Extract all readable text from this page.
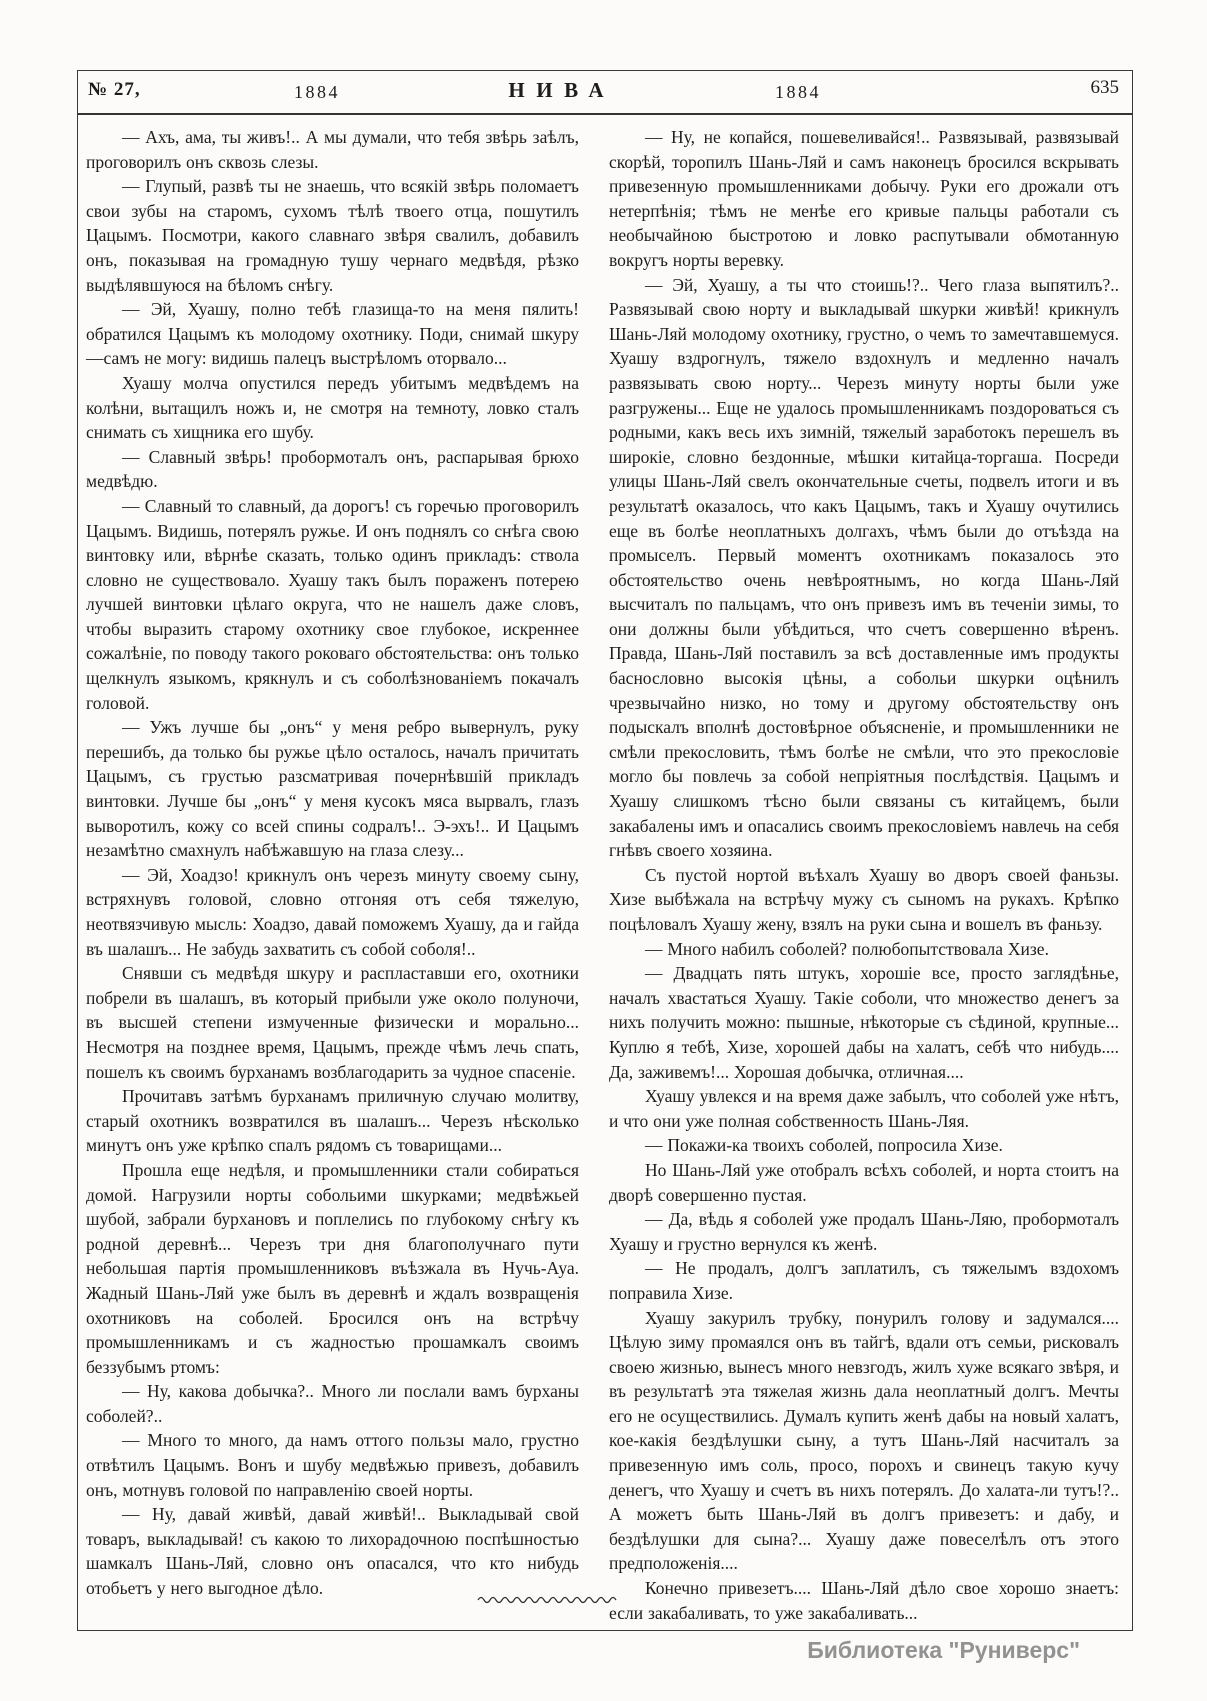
№ 27,	1884	НИВА	1884	635

— Ахъ, ама, ты живъ!.. А мы думали, что тебя звѣрь заѣлъ, проговорилъ онъ сквозь слезы.

— Глупый, развѣ ты не знаешь, что всякій звѣрь поломаетъ свои зубы на старомъ, сухомъ тѣлѣ твоего отца, пошутилъ Цацымъ. Посмотри, какого славнаго звѣря свалилъ, добавилъ онъ, показывая на громадную тушу чернаго медвѣдя, рѣзко выдѣлявшуюся на бѣломъ снѣгу.

— Эй, Хуашу, полно тебѣ глазища-то на меня пялить! обратился Цацымъ къ молодому охотнику. Поди, снимай шкуру—самъ не могу: видишь палецъ выстрѣломъ оторвало...

Хуашу молча опустился передъ убитымъ медвѣдемъ на колѣни, вытащилъ ножъ и, не смотря на темноту, ловко сталъ снимать съ хищника его шубу.

— Славный звѣрь! пробормоталъ онъ, распарывая брюхо медвѣдю.

— Славный то славный, да дорогъ! съ горечью проговорилъ Цацымъ. Видишь, потерялъ ружье. И онъ поднялъ со снѣга свою винтовку или, вѣрнѣе сказать, только одинъ прикладъ: ствола словно не существовало. Хуашу такъ былъ пораженъ потерею лучшей винтовки цѣлаго округа, что не нашелъ даже словъ, чтобы выразить старому охотнику свое глубокое, искреннее сожалѣніе, по поводу такого роковаго обстоятельства: онъ только щелкнулъ языкомъ, крякнулъ и съ соболѣзнованіемъ покачалъ головой.

— Ужъ лучше бы „онъ“ у меня ребро вывернулъ, руку перешибъ, да только бы ружье цѣло осталось, началъ причитать Цацымъ, съ грустью разсматривая почернѣвшій прикладъ винтовки. Лучше бы „онъ“ у меня кусокъ мяса вырвалъ, глазъ выворотилъ, кожу со всей спины содралъ!.. Э-эхъ!.. И Цацымъ незамѣтно смахнулъ набѣжавшую на глаза слезу...

— Эй, Хоадзо! крикнулъ онъ черезъ минуту своему сыну, встряхнувъ головой, словно отгоняя отъ себя тяжелую, неотвязчивую мысль: Хоадзо, давай поможемъ Хуашу, да и гайда въ шалашъ... Не забудь захватить съ собой соболя!..

Снявши съ медвѣдя шкуру и распластавши его, охотники побрели въ шалашъ, въ который прибыли уже около полуночи, въ высшей степени измученные физически и морально... Несмотря на позднее время, Цацымъ, прежде чѣмъ лечь спать, пошелъ къ своимъ бурханамъ возблагодарить за чудное спасеніе.

Прочитавъ затѣмъ бурханамъ приличную случаю молитву, старый охотникъ возвратился въ шалашъ... Черезъ нѣсколько минутъ онъ уже крѣпко спалъ рядомъ съ товарищами...

Прошла еще недѣля, и промышленники стали собираться домой. Нагрузили норты собольими шкурками; медвѣжьей шубой, забрали бурхановъ и поплелись по глубокому снѣгу къ родной деревнѣ... Черезъ три дня благополучнаго пути небольшая партія промышленниковъ въѣзжала въ Нучь-Ауа. Жадный Шань-Ляй уже былъ въ деревнѣ и ждалъ возвращенія охотниковъ на соболей. Бросился онъ на встрѣчу промышленникамъ и съ жадностью прошамкалъ своимъ беззубымъ ртомъ:

— Ну, какова добычка?.. Много ли послали вамъ бурханы соболей?..

— Много то много, да намъ оттого пользы мало, грустно отвѣтилъ Цацымъ. Вонъ и шубу медвѣжью привезъ, добавилъ онъ, мотнувъ головой по направленію своей норты.

— Ну, давай живѣй, давай живѣй!.. Выкладывай свой товаръ, выкладывай! съ какою то лихорадочною поспѣшностью шамкалъ Шань-Ляй, словно онъ опасался, что кто нибудь отобьетъ у него выгодное дѣло.

— Ну, не копайся, пошевеливайся!.. Развязывай, развязывай скорѣй, торопилъ Шань-Ляй и самъ наконецъ бросился вскрывать привезенную промышленниками добычу. Руки его дрожали отъ нетерпѣнія; тѣмъ не менѣе его кривые пальцы работали съ необычайною быстротою и ловко распутывали обмотанную вокругъ норты веревку.

— Эй, Хуашу, а ты что стоишь!?.. Чего глаза выпятилъ?.. Развязывай свою норту и выкладывай шкурки живѣй! крикнулъ Шань-Ляй молодому охотнику, грустно, о чемъ то замечтавшемуся. Хуашу вздрогнулъ, тяжело вздохнулъ и медленно началъ развязывать свою норту... Черезъ минуту норты были уже разгружены... Еще не удалось промышленникамъ поздороваться съ родными, какъ весь ихъ зимній, тяжелый заработокъ перешелъ въ широкіе, словно бездонные, мѣшки китайца-торгаша. Посреди улицы Шань-Ляй свелъ окончательные счеты, подвелъ итоги и въ результатѣ оказалось, что какъ Цацымъ, такъ и Хуашу очутились еще въ болѣе неоплатныхъ долгахъ, чѣмъ были до отъѣзда на промыселъ. Первый моментъ охотникамъ показалось это обстоятельство очень невѣроятнымъ, но когда Шань-Ляй высчиталъ по пальцамъ, что онъ привезъ имъ въ теченіи зимы, то они должны были убѣдиться, что счетъ совершенно вѣренъ. Правда, Шань-Ляй поставилъ за всѣ доставленные имъ продукты баснословно высокія цѣны, а собольи шкурки оцѣнилъ чрезвычайно низко, но тому и другому обстоятельству онъ подыскалъ вполнѣ достовѣрное объясненіе, и промышленники не смѣли прекословить, тѣмъ болѣе не смѣли, что это прекословіе могло бы повлечь за собой непріятныя послѣдствія. Цацымъ и Хуашу слишкомъ тѣсно были связаны съ китайцемъ, были закабалены имъ и опасались своимъ прекословіемъ навлечь на себя гнѣвъ своего хозяина.

Съ пустой нортой въѣхалъ Хуашу во дворъ своей фаньзы. Хизе выбѣжала на встрѣчу мужу съ сыномъ на рукахъ. Крѣпко поцѣловалъ Хуашу жену, взялъ на руки сына и вошелъ въ фаньзу.

— Много набилъ соболей? полюбопытствовала Хизе.

— Двадцать пять штукъ, хорошіе все, просто заглядѣнье, началъ хвастаться Хуашу. Такіе соболи, что множество денегъ за нихъ получить можно: пышные, нѣкоторые съ сѣдиной, крупные... Куплю я тебѣ, Хизе, хорошей дабы на халатъ, себѣ что нибудь.... Да, заживемъ!... Хорошая добычка, отличная....

Хуашу увлекся и на время даже забылъ, что соболей уже нѣтъ, и что они уже полная собственность Шань-Ляя.

— Покажи-ка твоихъ соболей, попросила Хизе.

Но Шань-Ляй уже отобралъ всѣхъ соболей, и норта стоитъ на дворѣ совершенно пустая.

— Да, вѣдь я соболей уже продалъ Шань-Ляю, пробормоталъ Хуашу и грустно вернулся къ женѣ.

— Не продалъ, долгъ заплатилъ, съ тяжелымъ вздохомъ поправила Хизе.

Хуашу закурилъ трубку, понурилъ голову и задумался.... Цѣлую зиму промаялся онъ въ тайгѣ, вдали отъ семьи, рисковалъ своею жизнью, вынесъ много невзгодъ, жилъ хуже всякаго звѣря, и въ результатѣ эта тяжелая жизнь дала неоплатный долгъ. Мечты его не осуществились. Думалъ купить женѣ дабы на новый халатъ, кое-какія бездѣлушки сыну, а тутъ Шань-Ляй насчиталъ за привезенную имъ соль, просо, порохъ и свинецъ такую кучу денегъ, что Хуашу и счетъ въ нихъ потерялъ. До халата-ли тутъ!?.. А можетъ быть Шань-Ляй въ долгъ привезетъ: и дабу, и бездѣлушки для сына?... Хуашу даже повеселѣлъ отъ этого предположенія....

Конечно привезетъ.... Шань-Ляй дѣло свое хорошо знаетъ: если закабаливать, то уже закабаливать...

Библиотека "Руниверс"
